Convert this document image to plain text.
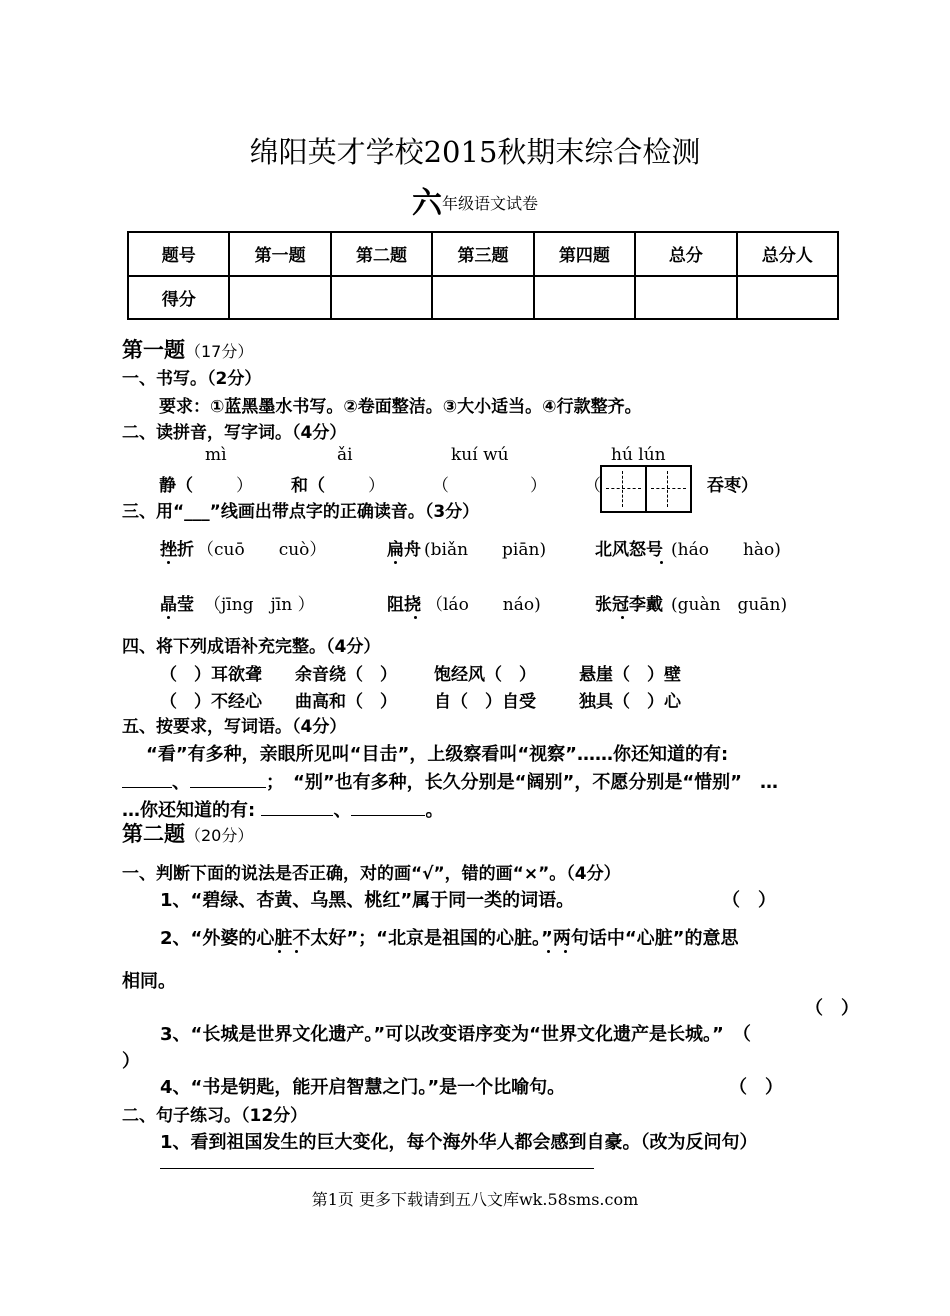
绵阳英才学校2015秋期末综合检测
六年级语文试卷
题号	第一题	第二题	第三题	第四题	总分	总分人
得分						
第一题（17分）
一、书写。（2分）
要求：①蓝黑墨水书写。②卷面整洁。③大小适当。④行款整齐。
二、读拼音，写字词。（4分）
mì	ǎi	kuí wú	hú lún
静（	） 和（	）	（	） （	吞枣）
三、用“___”线画出带点字的正确读音。（3分）
挫折 （cuō　　cuò）	扁舟 (biǎn　　piān)	北风怒号 (háo　　hào)
晶莹 （jīng　jīn ）	阻挠 （láo　　náo)	张冠李戴 (guàn　guān)
四、将下列成语补充完整。（4分）
（　）耳欲聋 余音绕（　） 饱经风（　）	悬崖（　）壁
（　）不经心 曲高和（　） 自（　）自受	独具（　）心
五、按要求，写词语。（4分）
“看”有多种，亲眼所见叫“目击”，上级察看叫“视察”……你还知道的有:
、	；　 “别”也有多种，长久分别是“阔别”，不愿分别是“惜别”　…
…你还知道的有:	、	。
第二题（20分）
一、判断下面的说法是否正确，对的画“√”，错的画“×”。（4分）
1、“碧绿、杏黄、乌黑、桃红”属于同一类的词语。	（　）
2、“外婆的心脏不太好”；“北京是祖国的心脏。”两句话中“心脏”的意思
相同。
（　）
3、“长城是世界文化遗产。”可以改变语序变为“世界文化遗产是长城。”　（
）
4、“书是钥匙，能开启智慧之门。”是一个比喻句。	（　）
二、句子练习。（12分）
1、看到祖国发生的巨大变化，每个海外华人都会感到自豪。（改为反问句）
第1页 更多下载请到五八文库wk.58sms.com
